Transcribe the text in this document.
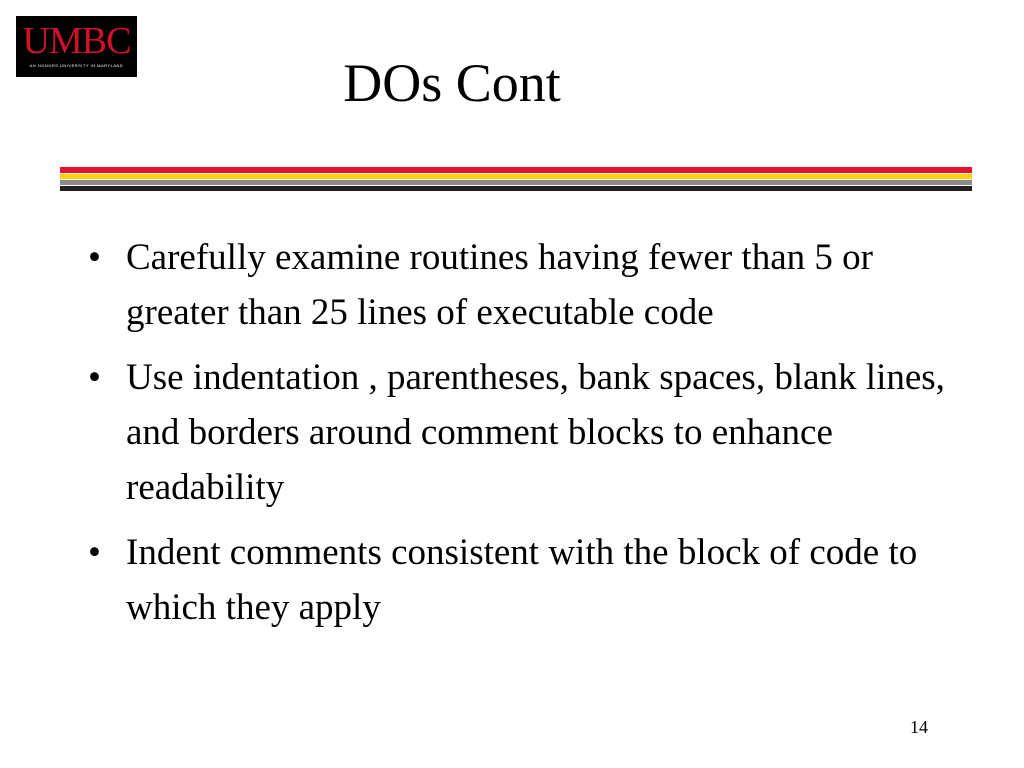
UMBC
AN HONORS UNIVERSITY IN MARYLAND	DOs Cont
• Carefully examine routines having fewer than 5 or greater than 25 lines of executable code
• Use indentation , parentheses, bank spaces, blank lines, and borders around comment blocks to enhance readability
• Indent comments consistent with the block of code to which they apply
14
